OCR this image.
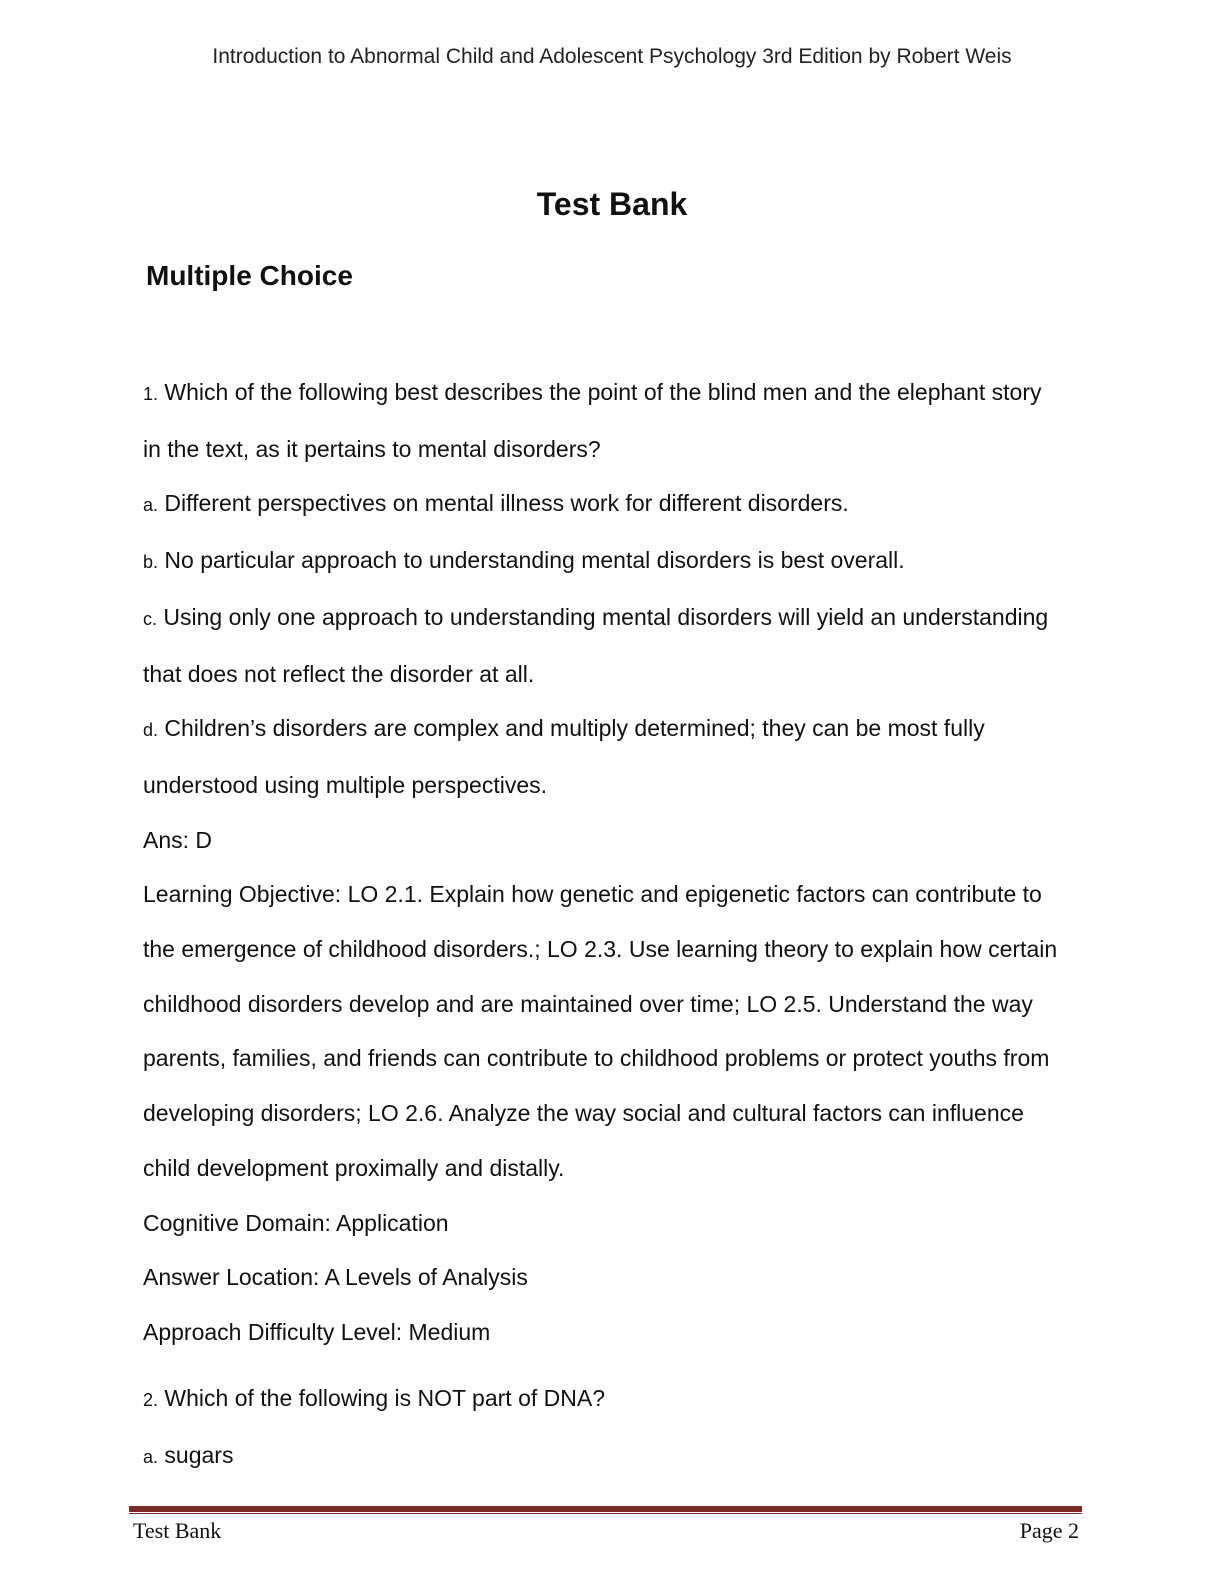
Introduction to Abnormal Child and Adolescent Psychology 3rd Edition by Robert Weis
Test Bank
Multiple Choice

1. Which of the following best describes the point of the blind men and the elephant story in the text, as it pertains to mental disorders?

a. Different perspectives on mental illness work for different disorders.

b. No particular approach to understanding mental disorders is best overall.

c. Using only one approach to understanding mental disorders will yield an understanding that does not reflect the disorder at all.

d. Children’s disorders are complex and multiply determined; they can be most fully understood using multiple perspectives.

Ans: D

Learning Objective: LO 2.1. Explain how genetic and epigenetic factors can contribute to the emergence of childhood disorders.; LO 2.3. Use learning theory to explain how certain childhood disorders develop and are maintained over time; LO 2.5. Understand the way parents, families, and friends can contribute to childhood problems or protect youths from developing disorders; LO 2.6. Analyze the way social and cultural factors can influence child development proximally and distally.

Cognitive Domain: Application

Answer Location: A Levels of Analysis

Approach Difficulty Level: Medium

2. Which of the following is NOT part of DNA?

a. sugars

Test Bank	Page 2
